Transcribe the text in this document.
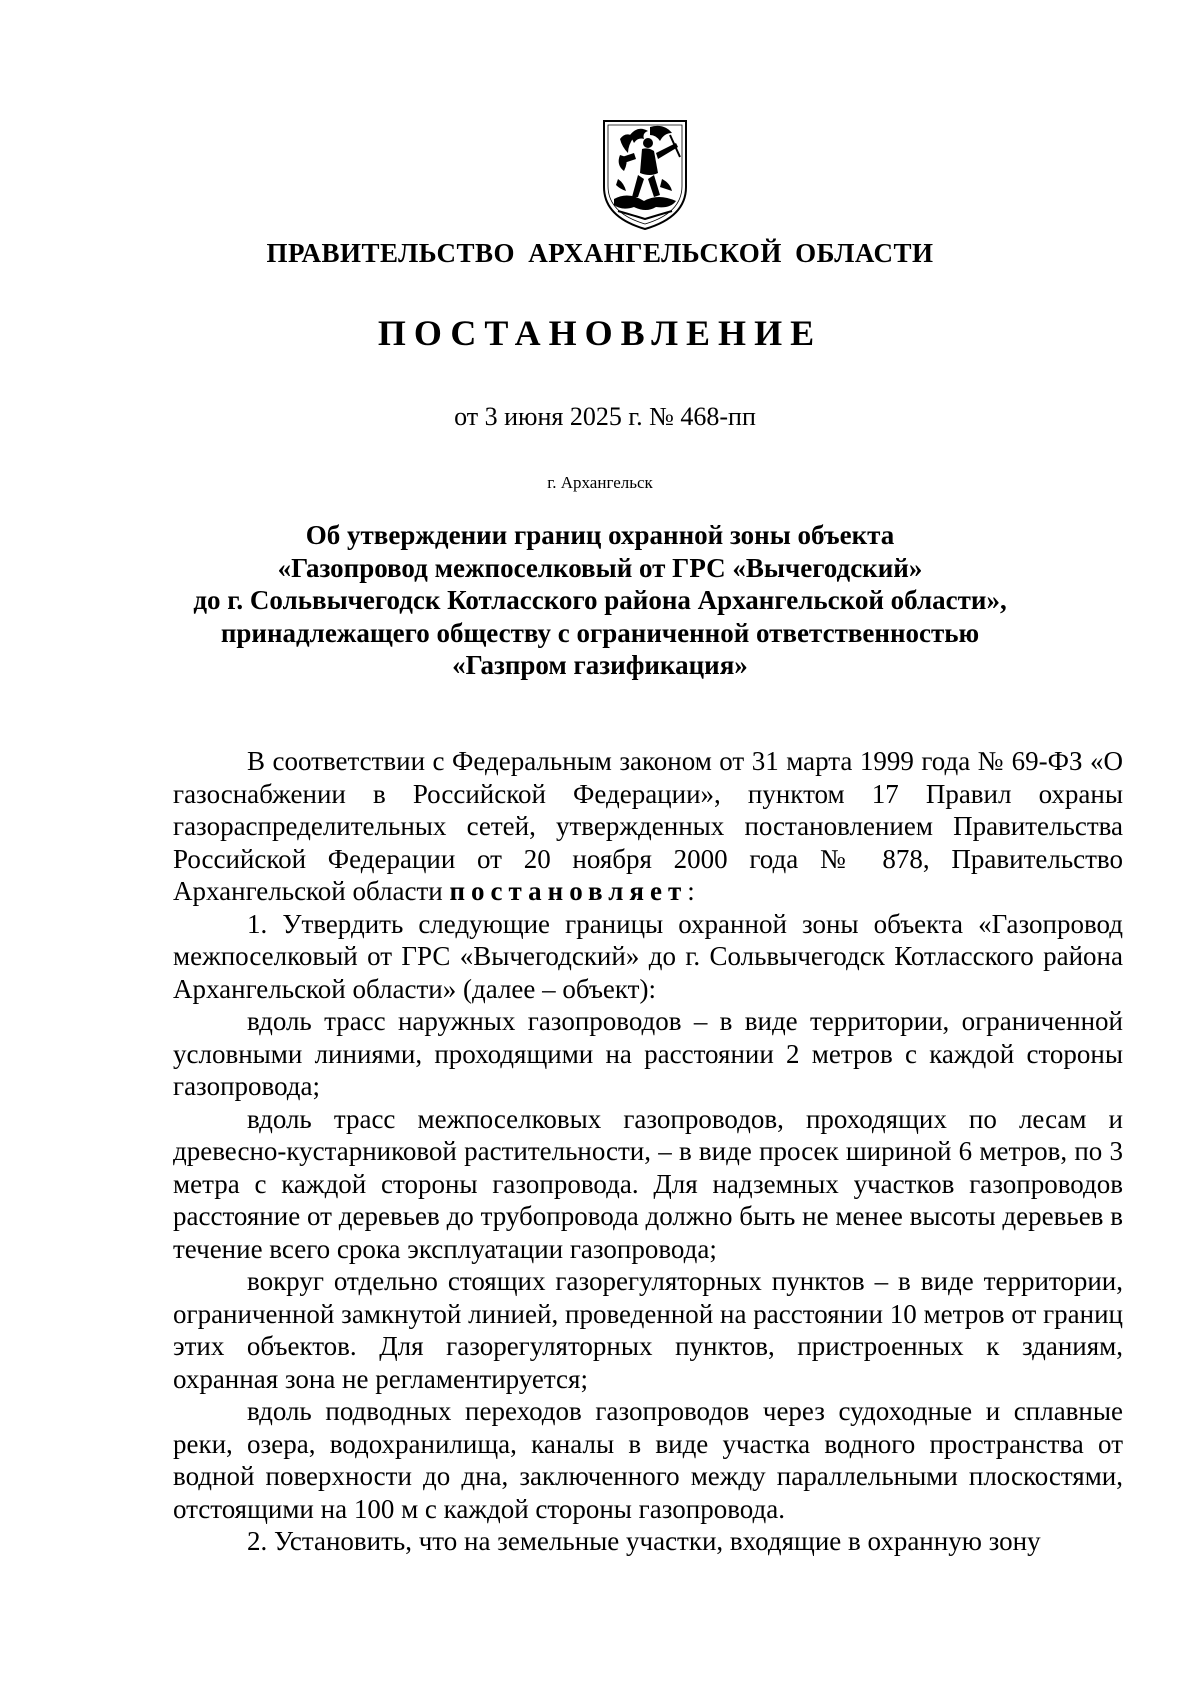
ПРАВИТЕЛЬСТВО АРХАНГЕЛЬСКОЙ ОБЛАСТИ
ПОСТАНОВЛЕНИЕ
от 3 июня 2025 г. № 468-пп
г. Архангельск
Об утверждении границ охранной зоны объекта
«Газопровод межпоселковый от ГРС «Вычегодский»
до г. Сольвычегодск Котласского района Архангельской области»,
принадлежащего обществу с ограниченной ответственностью
«Газпром газификация»

В соответствии с Федеральным законом от 31 марта 1999 года № 69-ФЗ «О газоснабжении в Российской Федерации», пунктом 17 Правил охраны газораспределительных сетей, утвержденных постановлением Правительства Российской Федерации от 20 ноября 2000 года № 878, Правительство Архангельской области постановляет:

1. Утвердить следующие границы охранной зоны объекта «Газопровод межпоселковый от ГРС «Вычегодский» до г. Сольвычегодск Котласского района Архангельской области» (далее – объект):

вдоль трасс наружных газопроводов – в виде территории, ограниченной условными линиями, проходящими на расстоянии 2 метров с каждой стороны газопровода;

вдоль трасс межпоселковых газопроводов, проходящих по лесам и древесно-кустарниковой растительности, – в виде просек шириной 6 метров, по 3 метра с каждой стороны газопровода. Для надземных участков газопроводов расстояние от деревьев до трубопровода должно быть не менее высоты деревьев в течение всего срока эксплуатации газопровода;

вокруг отдельно стоящих газорегуляторных пунктов – в виде территории, ограниченной замкнутой линией, проведенной на расстоянии 10 метров от границ этих объектов. Для газорегуляторных пунктов, пристроенных к зданиям, охранная зона не регламентируется;

вдоль подводных переходов газопроводов через судоходные и сплавные реки, озера, водохранилища, каналы в виде участка водного пространства от водной поверхности до дна, заключенного между параллельными плоскостями, отстоящими на 100 м с каждой стороны газопровода.

2. Установить, что на земельные участки, входящие в охранную зону
